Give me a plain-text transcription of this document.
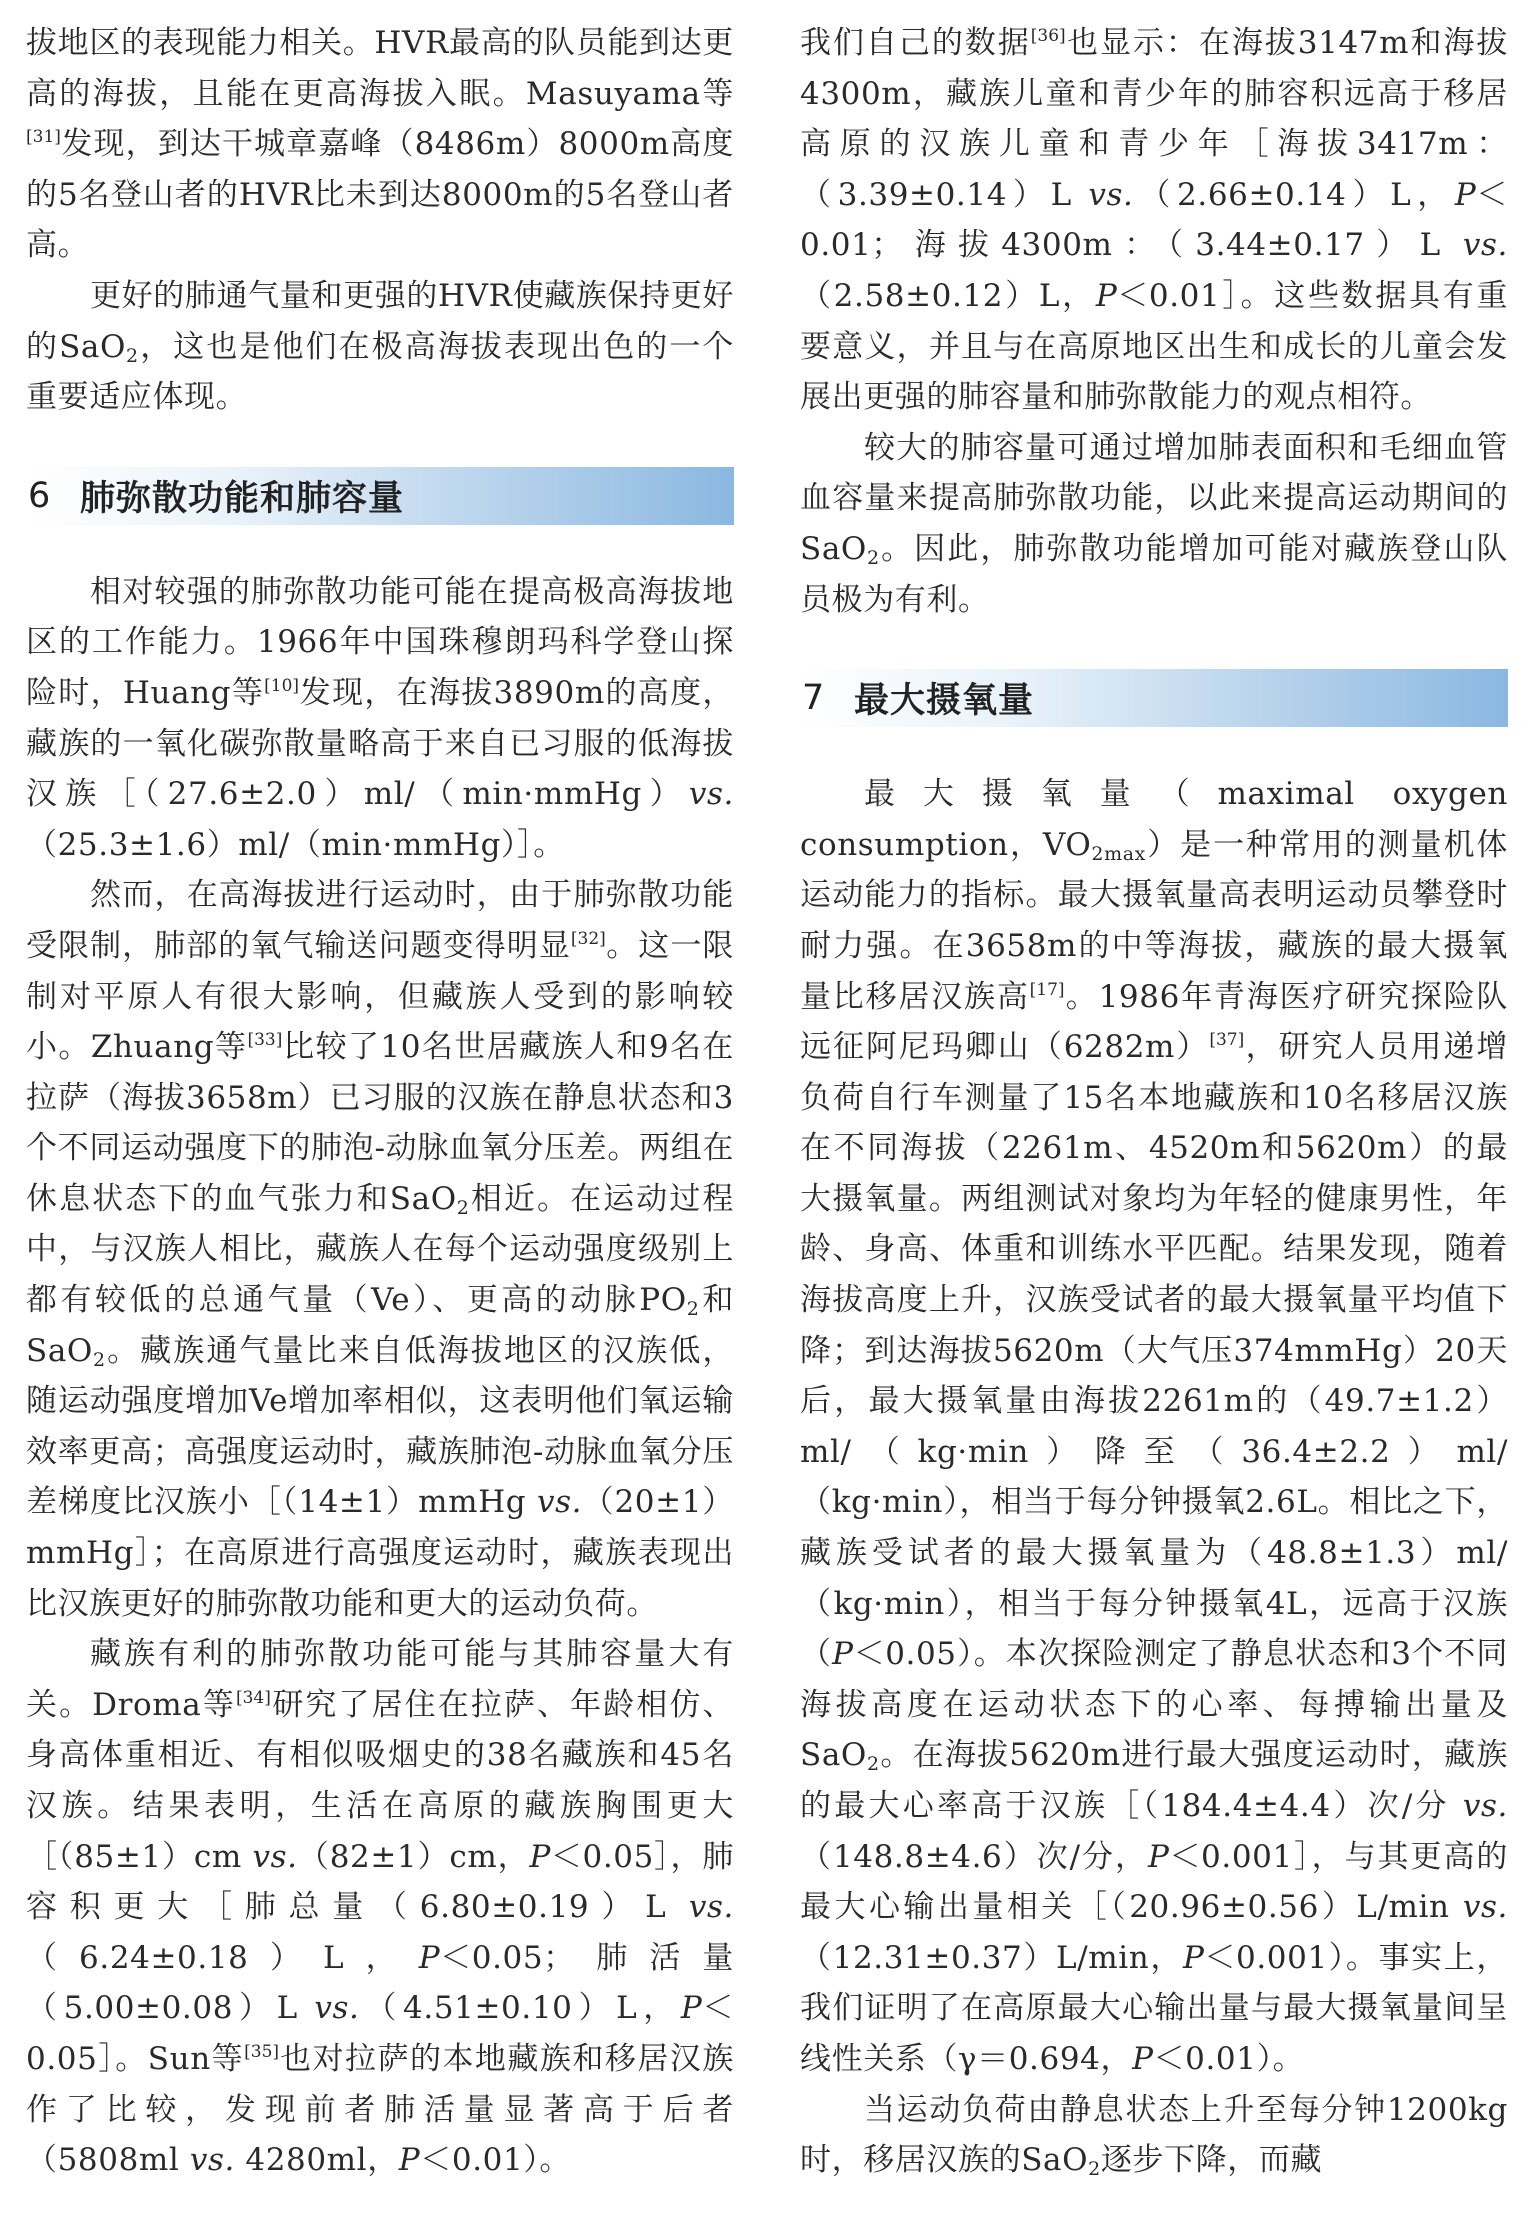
拔地区的表现能力相关。HVR最高的队员能到达更高的海拔，且能在更高海拔入眠。Masuyama等[31]发现，到达干城章嘉峰（8486m）8000m高度的5名登山者的HVR比未到达8000m的5名登山者高。

更好的肺通气量和更强的HVR使藏族保持更好的SaO$_2$，这也是他们在极高海拔表现出色的一个重要适应体现。

6 肺弥散功能和肺容量

相对较强的肺弥散功能可能在提高极高海拔地区的工作能力。1966年中国珠穆朗玛科学登山探险时，Huang等[10]发现，在海拔3890m的高度，藏族的一氧化碳弥散量略高于来自已习服的低海拔汉族［（27.6±2.0）ml/（min·mmHg）vs.（25.3±1.6）ml/（min·mmHg）］。

然而，在高海拔进行运动时，由于肺弥散功能受限制，肺部的氧气输送问题变得明显[32]。这一限制对平原人有很大影响，但藏族人受到的影响较小。Zhuang等[33]比较了10名世居藏族人和9名在拉萨（海拔3658m）已习服的汉族在静息状态和3个不同运动强度下的肺泡-动脉血氧分压差。两组在休息状态下的血气张力和SaO$_2$相近。在运动过程中，与汉族人相比，藏族人在每个运动强度级别上都有较低的总通气量（Ve）、更高的动脉$PO_2$和SaO$_2$。藏族通气量比来自低海拔地区的汉族低，随运动强度增加Ve增加率相似，这表明他们氧运输效率更高；高强度运动时，藏族肺泡-动脉血氧分压差梯度比汉族小［（14±1）mmHg vs.（20±1）mmHg］；在高原进行高强度运动时，藏族表现出比汉族更好的肺弥散功能和更大的运动负荷。

藏族有利的肺弥散功能可能与其肺容量大有关。Droma等[34]研究了居住在拉萨、年龄相仿、身高体重相近、有相似吸烟史的38名藏族和45名汉族。结果表明，生活在高原的藏族胸围更大［（85±1）cm vs.（82±1）cm，P＜0.05］，肺容积更大［肺总量（6.80±0.19）L vs.（6.24±0.18）L，P＜0.05；肺活量（5.00±0.08）L vs.（4.51±0.10）L，P＜0.05］。Sun等[35]也对拉萨的本地藏族和移居汉族作了比较，发现前者肺活量显著高于后者（5808ml vs. 4280ml，P＜0.01）。

我们自己的数据[36]也显示：在海拔3147m和海拔4300m，藏族儿童和青少年的肺容积远高于移居高原的汉族儿童和青少年［海拔3417m：（3.39±0.14）L vs.（2.66±0.14）L，P＜0.01；海拔4300m：（3.44±0.17）L vs.（2.58±0.12）L，P＜0.01］。这些数据具有重要意义，并且与在高原地区出生和成长的儿童会发展出更强的肺容量和肺弥散能力的观点相符。

较大的肺容量可通过增加肺表面积和毛细血管血容量来提高肺弥散功能，以此来提高运动期间的SaO$_2$。因此，肺弥散功能增加可能对藏族登山队员极为有利。

7 最大摄氧量

最大摄氧量（maximal oxygen consumption，$VO_{2max}$）是一种常用的测量机体运动能力的指标。最大摄氧量高表明运动员攀登时耐力强。在3658m的中等海拔，藏族的最大摄氧量比移居汉族高[17]。1986年青海医疗研究探险队远征阿尼玛卿山（6282m）[37]，研究人员用递增负荷自行车测量了15名本地藏族和10名移居汉族在不同海拔（2261m、4520m和5620m）的最大摄氧量。两组测试对象均为年轻的健康男性，年龄、身高、体重和训练水平匹配。结果发现，随着海拔高度上升，汉族受试者的最大摄氧量平均值下降；到达海拔5620m（大气压374mmHg）20天后，最大摄氧量由海拔2261m的（49.7±1.2）ml/（kg·min）降至（36.4±2.2）ml/（kg·min），相当于每分钟摄氧2.6L。相比之下，藏族受试者的最大摄氧量为（48.8±1.3）ml/（kg·min），相当于每分钟摄氧4L，远高于汉族（P＜0.05）。本次探险测定了静息状态和3个不同海拔高度在运动状态下的心率、每搏输出量及SaO$_2$。在海拔5620m进行最大强度运动时，藏族的最大心率高于汉族［（184.4±4.4）次/分 vs.（148.8±4.6）次/分，P＜0.001］，与其更高的最大心输出量相关［（20.96±0.56）L/min vs.（12.31±0.37）L/min，P＜0.001）。事实上，我们证明了在高原最大心输出量与最大摄氧量间呈线性关系（γ＝0.694，P＜0.01）。

当运动负荷由静息状态上升至每分钟1200kg时，移居汉族的SaO$_2$逐步下降，而藏
